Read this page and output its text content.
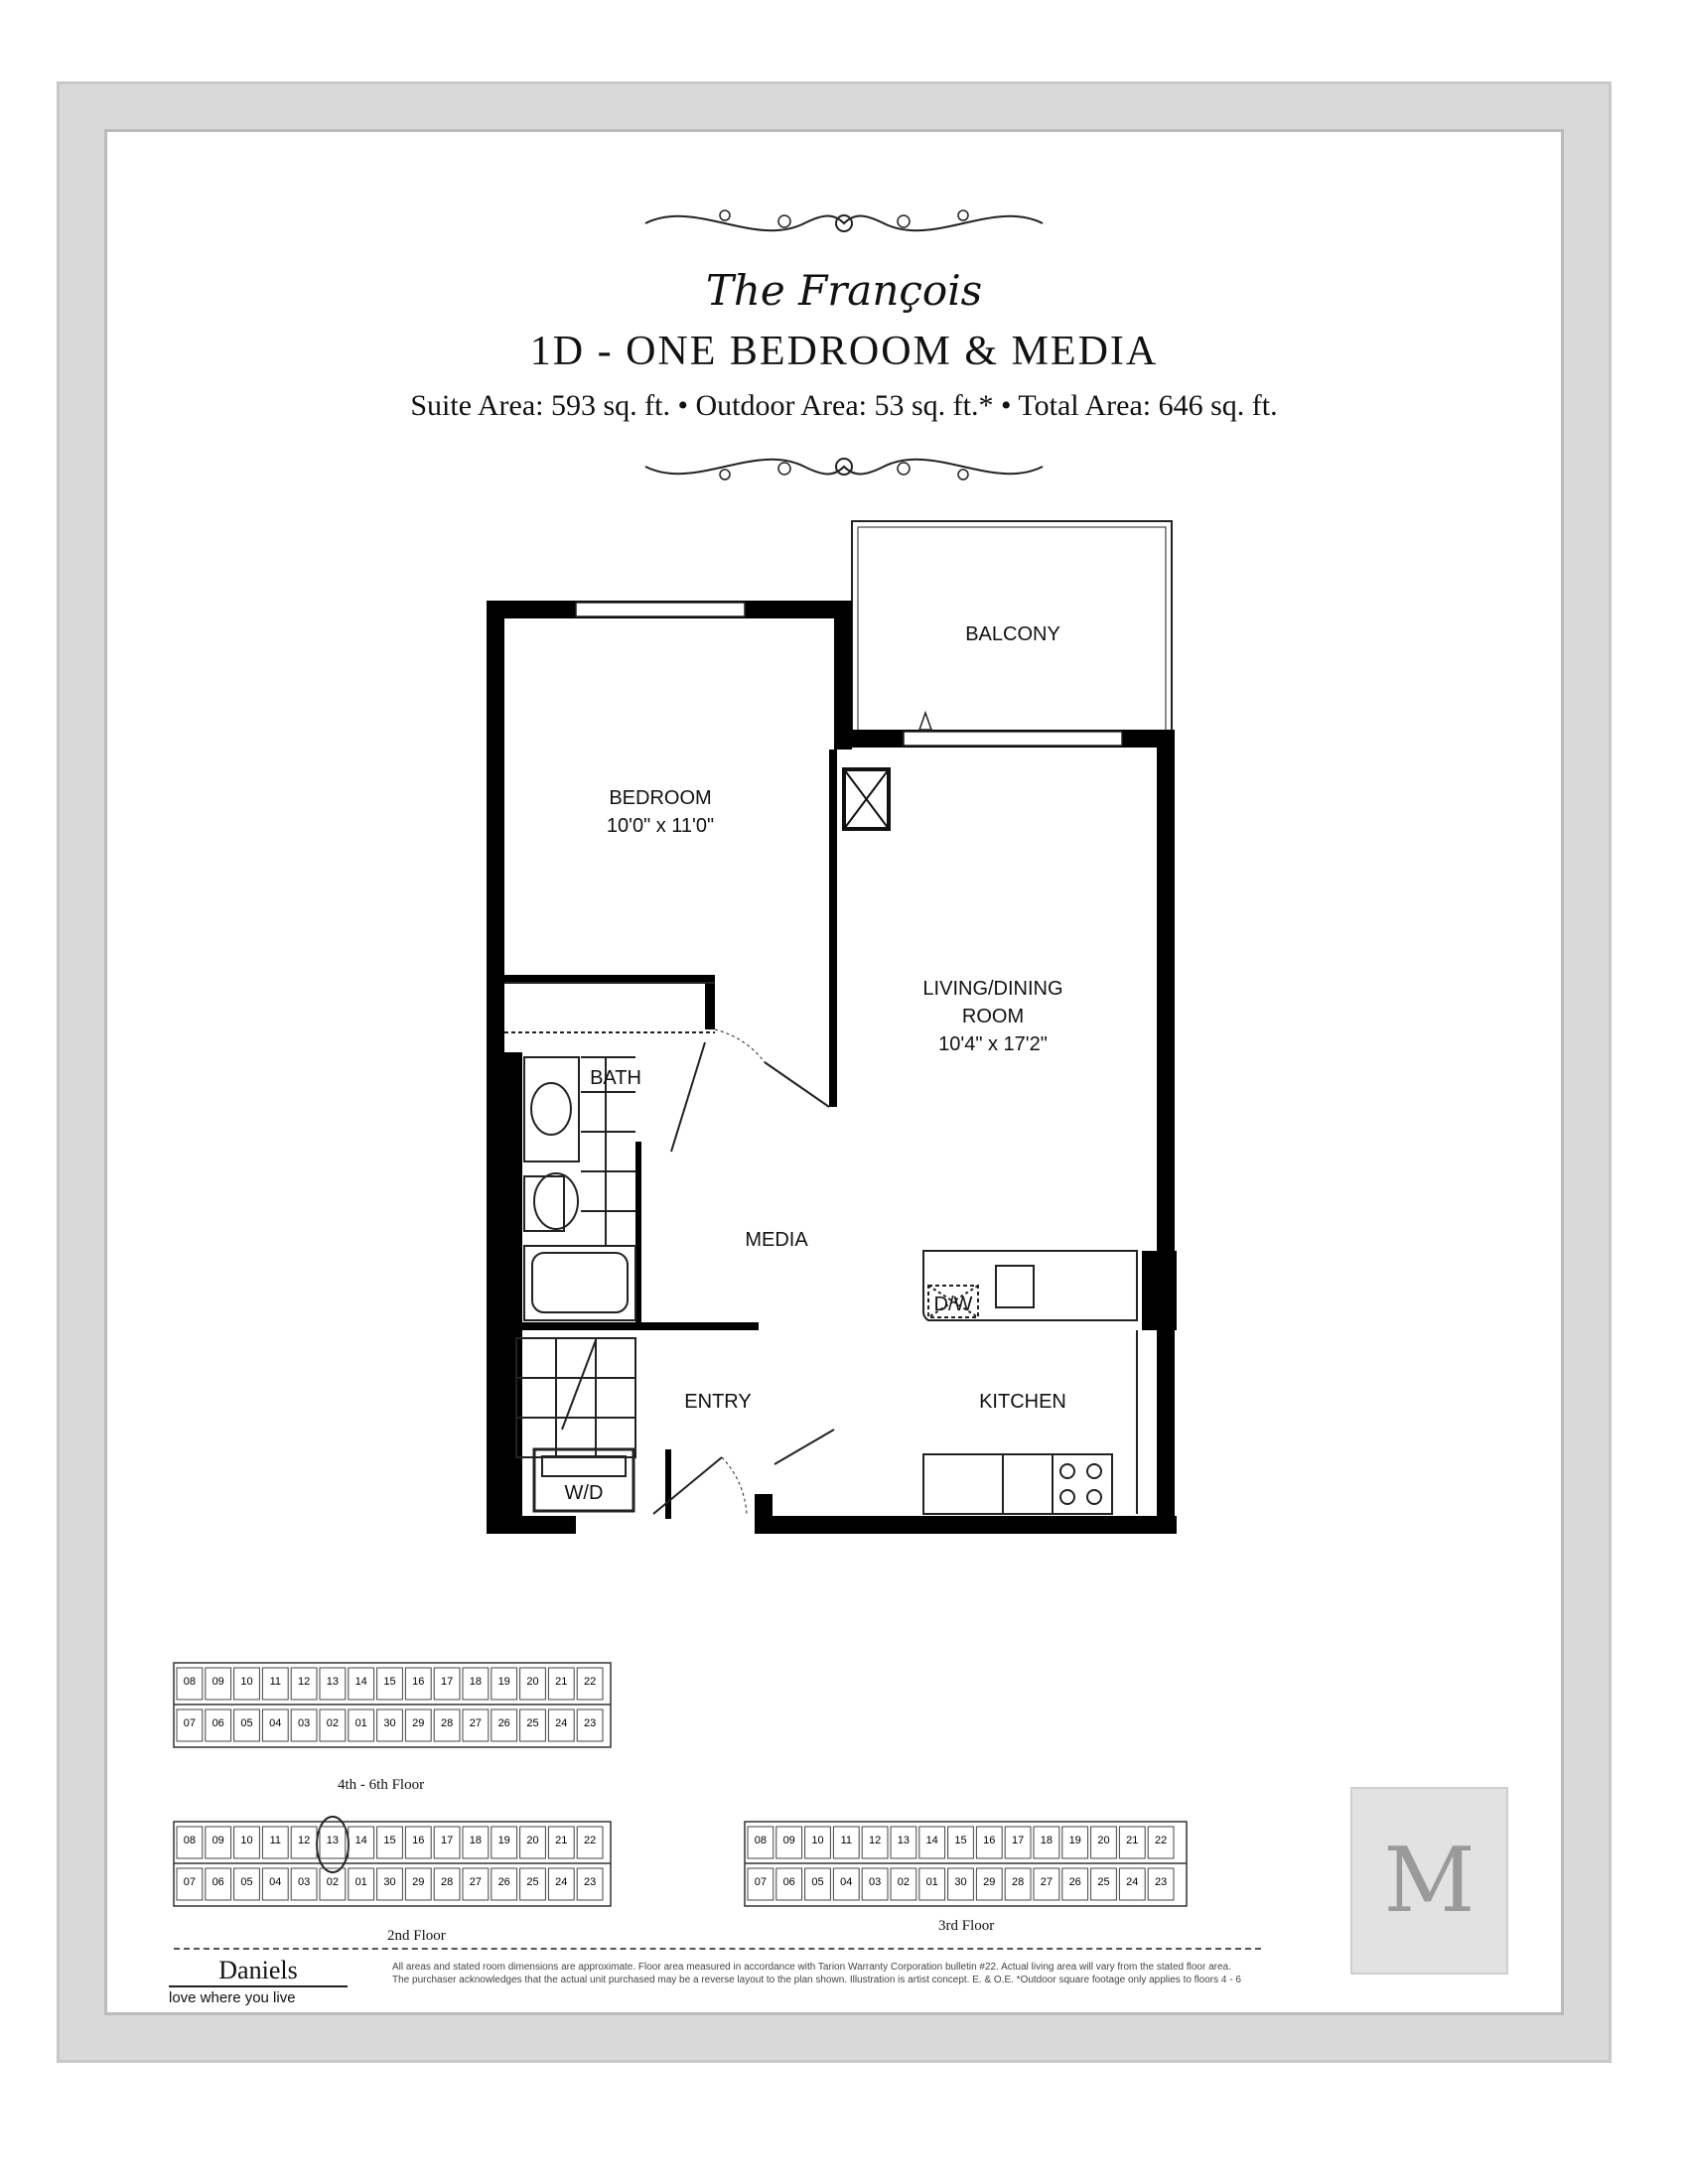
The François
1D - ONE BEDROOM & MEDIA
Suite Area: 593 sq. ft. • Outdoor Area: 53 sq. ft.* • Total Area: 646 sq. ft.
BALCONY
BEDROOM
10'0" x 11'0"
LIVING/DINING
ROOM
10'4" x 17'2"
BATH
MEDIA
D/W
ENTRY	KITCHEN
W/D
08 09 10 11 12 13 14 15 16 17 18 19 20 21 22
07 06 05 04 03 02 01 30 29 28 27 26 25 24 23
4th - 6th Floor
08 09 10 11 12 13 14 15 16 17 18 19 20 21 22
07 06 05 04 03 02 01 30 29 28 27 26 25 24 23
2nd Floor
08 09 10 11 12 13 14 15 16 17 18 19 20 21 22
07 06 05 04 03 02 01 30 29 28 27 26 25 24 23
3rd Floor
Daniels
love where you live
All areas and stated room dimensions are approximate. Floor area measured in accordance with Tarion Warranty Corporation bulletin #22. Actual living area will vary from the stated floor area. The purchaser acknowledges that the actual unit purchased may be a reverse layout to the plan shown. Illustration is artist concept. E. & O.E. *Outdoor square footage only applies to floors 4 - 6
M
